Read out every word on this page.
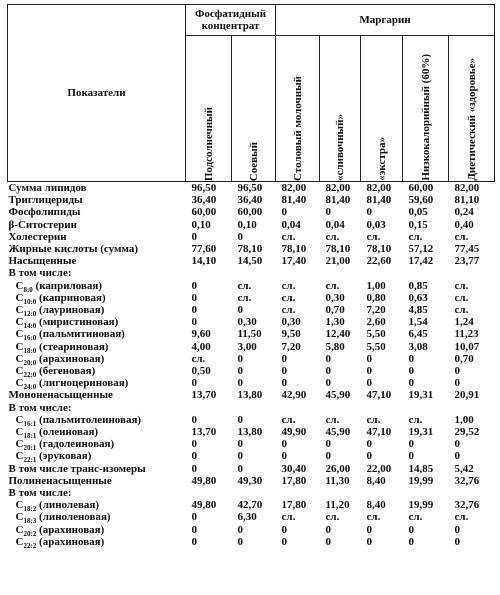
Показатели	Фосфатидный концентрат		Маргарин				

	Подсолнечный	Соевый	Столовый молочный	«сливочный»	«экстра»	Низкокалорийный (60%)	Диетический «здоровье»

Сумма липидов	96,50	96,50	82,00	82,00	82,00	60,00	82,00
Триглицериды	36,40	36,40	81,40	81,40	81,40	59,60	81,10
Фосфолипиды	60,00	60,00	0	0	0	0,05	0,24
β-Ситостерин	0,10	0,10	0,04	0,04	0,03	0,15	0,40
Холестерин	0	0	сл.	сл.	сл.	сл.	сл.
Жирные кислоты (сумма)	77,60	78,10	78,10	78,10	78,10	57,12	77,45
Насыщенные	14,10	14,50	17,40	21,00	22,60	17,42	23,77
В том числе:							
$C_{8:0}$ (каприловая)	0	сл.	сл.	сл.	1,00	0,85	сл.
$C_{10:0}$ (каприновая)	0	сл.	сл.	0,30	0,80	0,63	сл.
$C_{12:0}$ (лауриновая)	0	0	сл.	0,70	7,20	4,85	сл.
$C_{14:0}$ (миристиновая)	0	0,30	0,30	1,30	2,60	1,54	1,24
$C_{16:0}$ (пальмитиновая)	9,60	11,50	9,50	12,40	5,50	6,45	11,23
$C_{18:0}$ (стеариновая)	4,00	3,00	7,20	5,80	5,50	3,08	10,07
$C_{20:0}$ (арахиновая)	сл.	0	0	0	0	0	0,70
$C_{22:0}$ (бегеновая)	0,50	0	0	0	0	0	0
$C_{24:0}$ (лигноцериновая)	0	0	0	0	0	0	0
Мононенасыщенные	13,70	13,80	42,90	45,90	47,10	19,31	20,91
В том числе:							
$C_{16:1}$ (пальмитолеиновая)	0	0	сл.	сл.	сл.	сл.	1,00
$C_{18:1}$ (олеиновая)	13,70	13,80	49,90	45,90	47,10	19,31	29,52
$C_{20:1}$ (гадолеиновая)	0	0	0	0	0	0	0
$C_{22:1}$ (эруковая)	0	0	0	0	0	0	0
В том числе транс-изомеры	0	0	30,40	26,00	22,00	14,85	5,42
Полиненасыщенные	49,80	49,30	17,80	11,30	8,40	19,99	32,76
В том числе:							
$C_{18:2}$ (линолевая)	49,80	42,70	17,80	11,20	8,40	19,99	32,76
$C_{18:3}$ (линоленовая)	0	6,30	сл.	сл.	сл.	сл.	сл.
$C_{20:2}$ (арахиновая)	0	0	0	0	0	0	0
$C_{22:2}$ (арахиновая)	0	0	0	0	0	0	0
